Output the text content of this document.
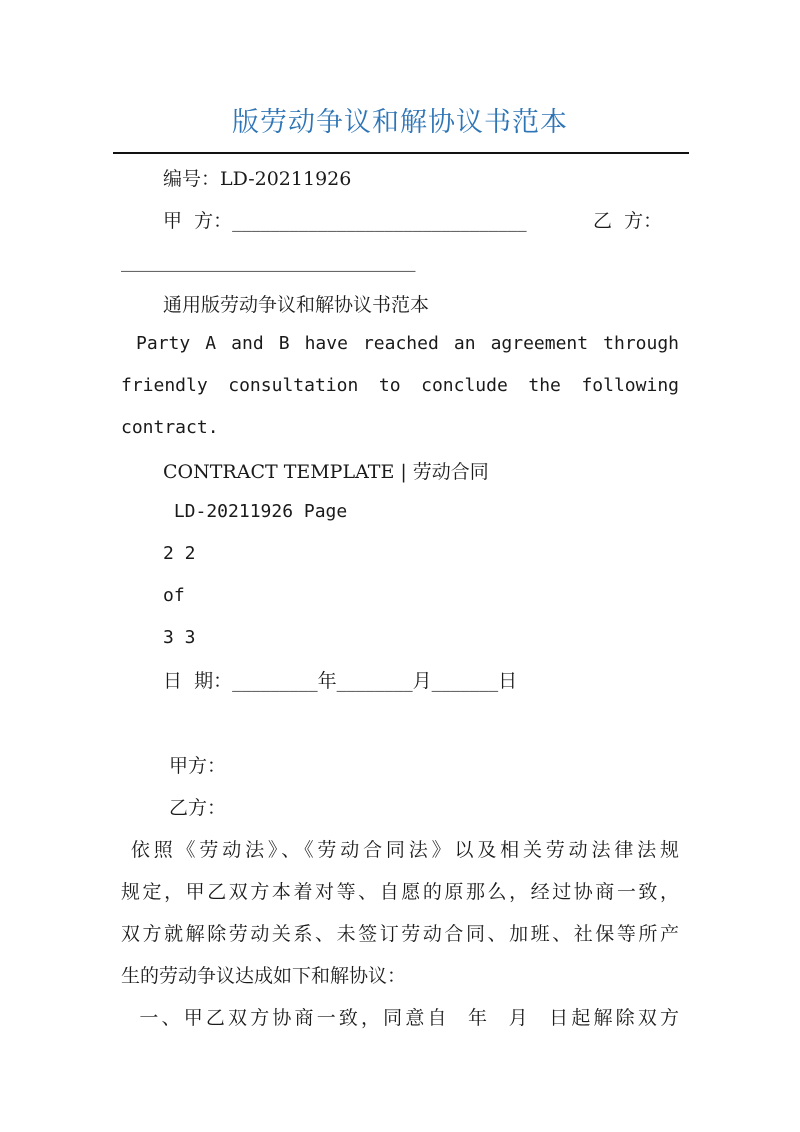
版劳动争议和解协议书范本
编号：LD-20211926
甲  方：_______________________________	乙  方：
_______________________________
通用版劳动争议和解协议书范本
Party A and B have reached an agreement through
friendly consultation to conclude the following
contract.
CONTRACT TEMPLATE | 劳动合同
LD-20211926 Page
2 2
of
3 3
日  期：_________年________月_______日
甲方：
乙方：
依照《劳动法》、《劳动合同法》以及相关劳动法律法规
规定，甲乙双方本着对等、自愿的原那么，经过协商一致，
双方就解除劳动关系、未签订劳动合同、加班、社保等所产
生的劳动争议达成如下和解协议：
一、甲乙双方协商一致，同意自  年  月  日起解除双方
